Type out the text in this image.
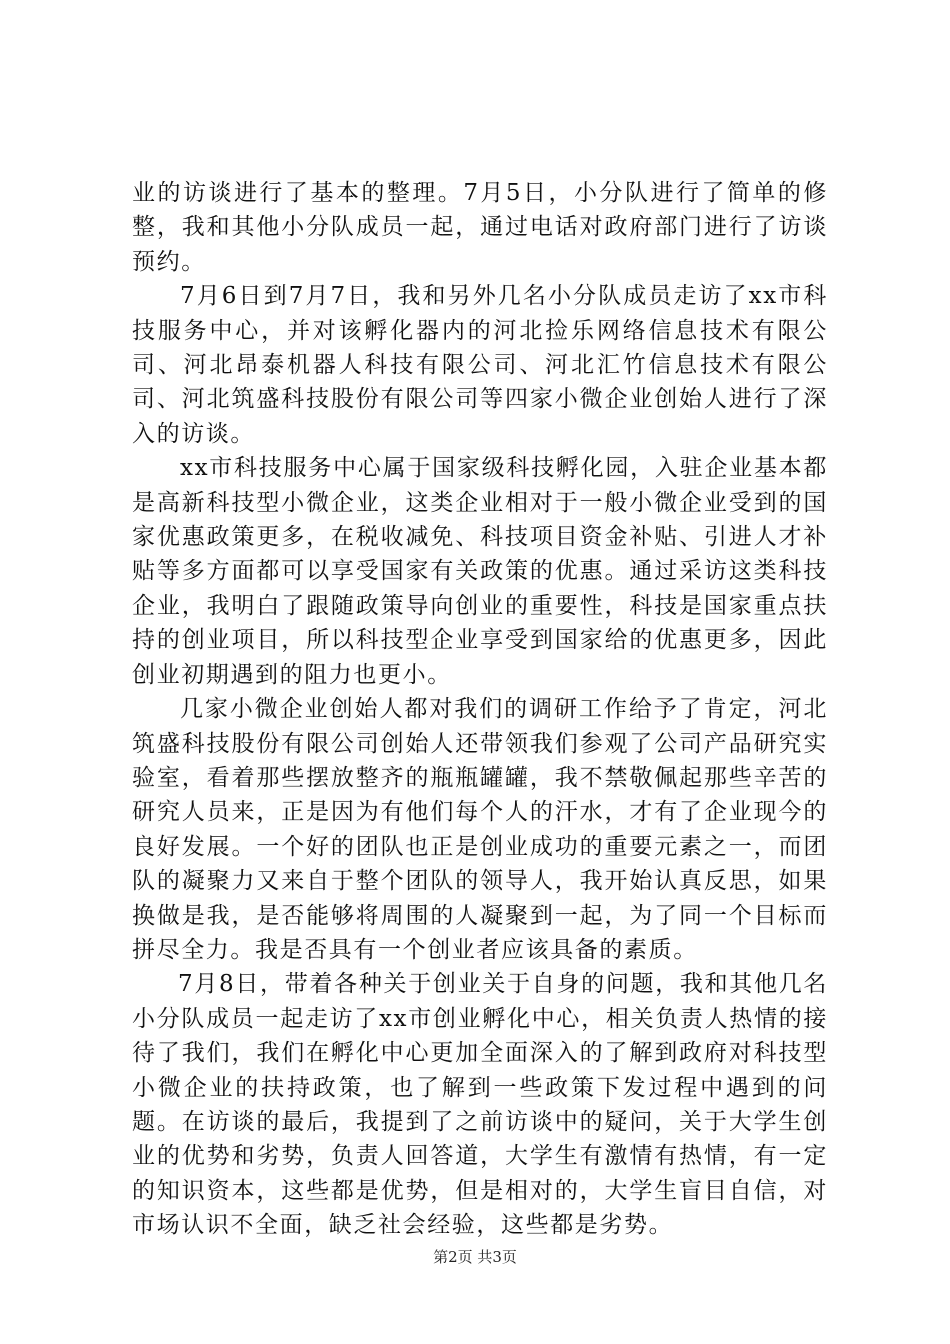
业的访谈进行了基本的整理。7月5日，小分队进行了简单的修整，我和其他小分队成员一起，通过电话对政府部门进行了访谈预约。

7月6日到7月7日，我和另外几名小分队成员走访了xx市科技服务中心，并对该孵化器内的河北捡乐网络信息技术有限公司、河北昂泰机器人科技有限公司、河北汇竹信息技术有限公司、河北筑盛科技股份有限公司等四家小微企业创始人进行了深入的访谈。

xx市科技服务中心属于国家级科技孵化园，入驻企业基本都是高新科技型小微企业，这类企业相对于一般小微企业受到的国家优惠政策更多，在税收减免、科技项目资金补贴、引进人才补贴等多方面都可以享受国家有关政策的优惠。通过采访这类科技企业，我明白了跟随政策导向创业的重要性，科技是国家重点扶持的创业项目，所以科技型企业享受到国家给的优惠更多，因此创业初期遇到的阻力也更小。

几家小微企业创始人都对我们的调研工作给予了肯定，河北筑盛科技股份有限公司创始人还带领我们参观了公司产品研究实验室，看着那些摆放整齐的瓶瓶罐罐，我不禁敬佩起那些辛苦的研究人员来，正是因为有他们每个人的汗水，才有了企业现今的良好发展。一个好的团队也正是创业成功的重要元素之一，而团队的凝聚力又来自于整个团队的领导人，我开始认真反思，如果换做是我，是否能够将周围的人凝聚到一起，为了同一个目标而拼尽全力。我是否具有一个创业者应该具备的素质。

7月8日，带着各种关于创业关于自身的问题，我和其他几名小分队成员一起走访了xx市创业孵化中心，相关负责人热情的接待了我们，我们在孵化中心更加全面深入的了解到政府对科技型小微企业的扶持政策，也了解到一些政策下发过程中遇到的问题。在访谈的最后，我提到了之前访谈中的疑问，关于大学生创业的优势和劣势，负责人回答道，大学生有激情有热情，有一定的知识资本，这些都是优势，但是相对的，大学生盲目自信，对市场认识不全面，缺乏社会经验，这些都是劣势。

第2页 共3页
